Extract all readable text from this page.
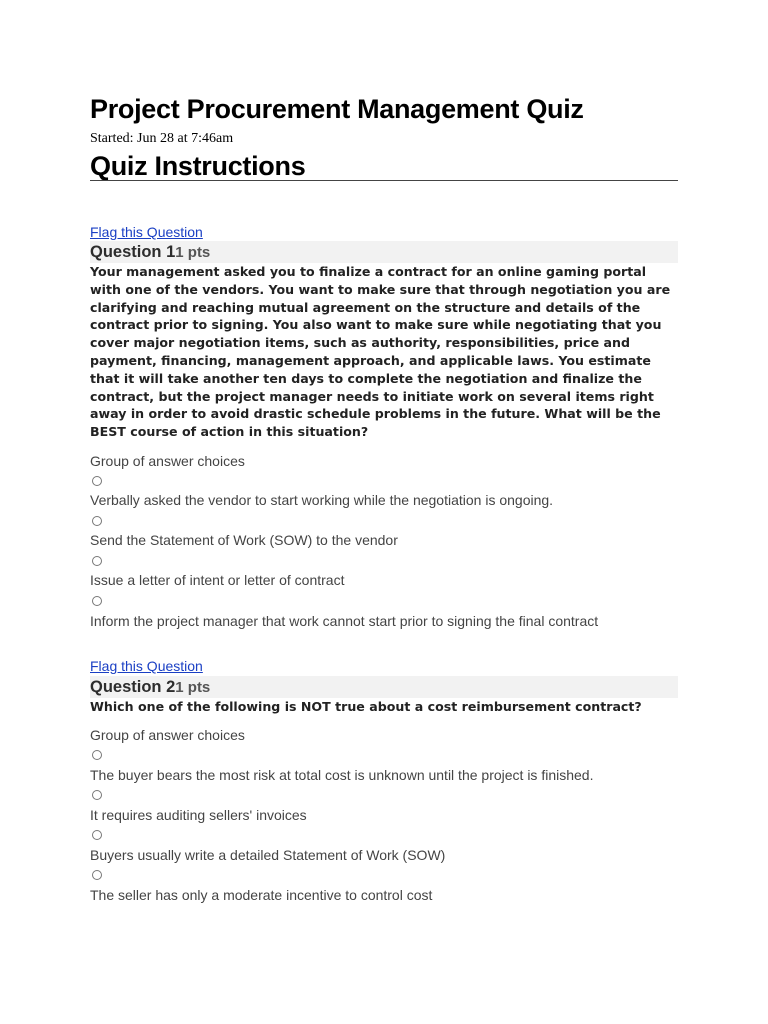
Project Procurement Management Quiz
Started: Jun 28 at 7:46am
Quiz Instructions
Flag this Question
Question 1 1 pts
Your management asked you to finalize a contract for an online gaming portal with one of the vendors. You want to make sure that through negotiation you are clarifying and reaching mutual agreement on the structure and details of the contract prior to signing. You also want to make sure while negotiating that you cover major negotiation items, such as authority, responsibilities, price and payment, financing, management approach, and applicable laws. You estimate that it will take another ten days to complete the negotiation and finalize the contract, but the project manager needs to initiate work on several items right away in order to avoid drastic schedule problems in the future. What will be the BEST course of action in this situation?
Group of answer choices
Verbally asked the vendor to start working while the negotiation is ongoing.
Send the Statement of Work (SOW) to the vendor
Issue a letter of intent or letter of contract
Inform the project manager that work cannot start prior to signing the final contract
Flag this Question
Question 2 1 pts
Which one of the following is NOT true about a cost reimbursement contract?
Group of answer choices
The buyer bears the most risk at total cost is unknown until the project is finished.
It requires auditing sellers' invoices
Buyers usually write a detailed Statement of Work (SOW)
The seller has only a moderate incentive to control cost
